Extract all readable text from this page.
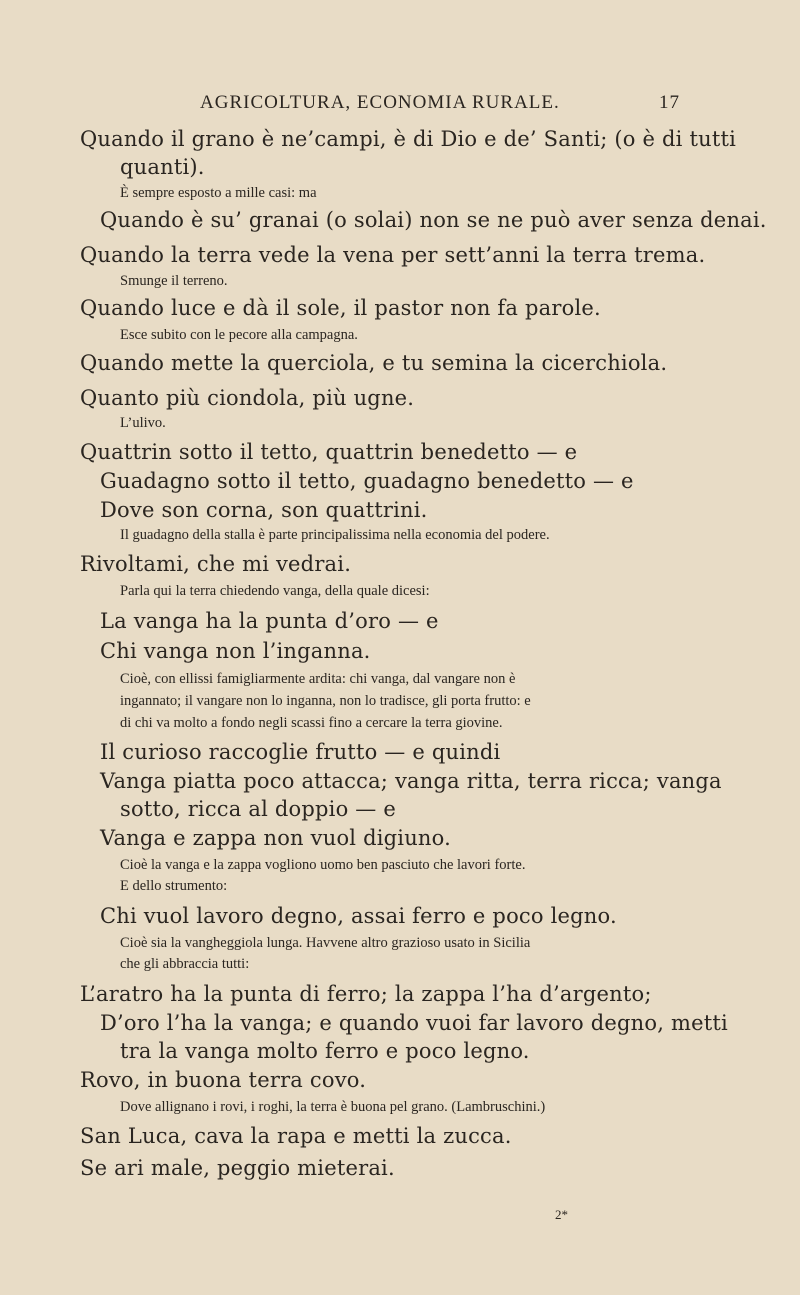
AGRICOLTURA, ECONOMIA RURALE.	17
Quando il grano è ne’campi, è di Dio e de’ Santi; (o è di tutti
quanti).
È sempre esposto a mille casi: ma
Quando è su’ granai (o solai) non se ne può aver senza denai.
Quando la terra vede la vena per sett’anni la terra trema.
Smunge il terreno.
Quando luce e dà il sole, il pastor non fa parole.
Esce subito con le pecore alla campagna.
Quando mette la querciola, e tu semina la cicerchiola.
Quanto più ciondola, più ugne.
L’ulivo.
Quattrin sotto il tetto, quattrin benedetto — e
Guadagno sotto il tetto, guadagno benedetto — e
Dove son corna, son quattrini.
Il guadagno della stalla è parte principalissima nella economia del podere.
Rivoltami, che mi vedrai.
Parla qui la terra chiedendo vanga, della quale dicesi:
La vanga ha la punta d’oro — e
Chi vanga non l’inganna.
Cioè, con ellissi famigliarmente ardita: chi vanga, dal vangare non è
ingannato; il vangare non lo inganna, non lo tradisce, gli porta frutto: e
di chi va molto a fondo negli scassi fino a cercare la terra giovine.
Il curioso raccoglie frutto — e quindi
Vanga piatta poco attacca; vanga ritta, terra ricca; vanga
sotto, ricca al doppio — e
Vanga e zappa non vuol digiuno.
Cioè la vanga e la zappa vogliono uomo ben pasciuto che lavori forte.
E dello strumento:
Chi vuol lavoro degno, assai ferro e poco legno.
Cioè sia la vangheggiola lunga. Havvene altro grazioso usato in Sicilia
che gli abbraccia tutti:
L’aratro ha la punta di ferro; la zappa l’ha d’argento;
D’oro l’ha la vanga; e quando vuoi far lavoro degno, metti
tra la vanga molto ferro e poco legno.
Rovo, in buona terra covo.
Dove allignano i rovi, i roghi, la terra è buona pel grano. (Lambruschini.)
San Luca, cava la rapa e metti la zucca.
Se ari male, peggio mieterai.
2*
